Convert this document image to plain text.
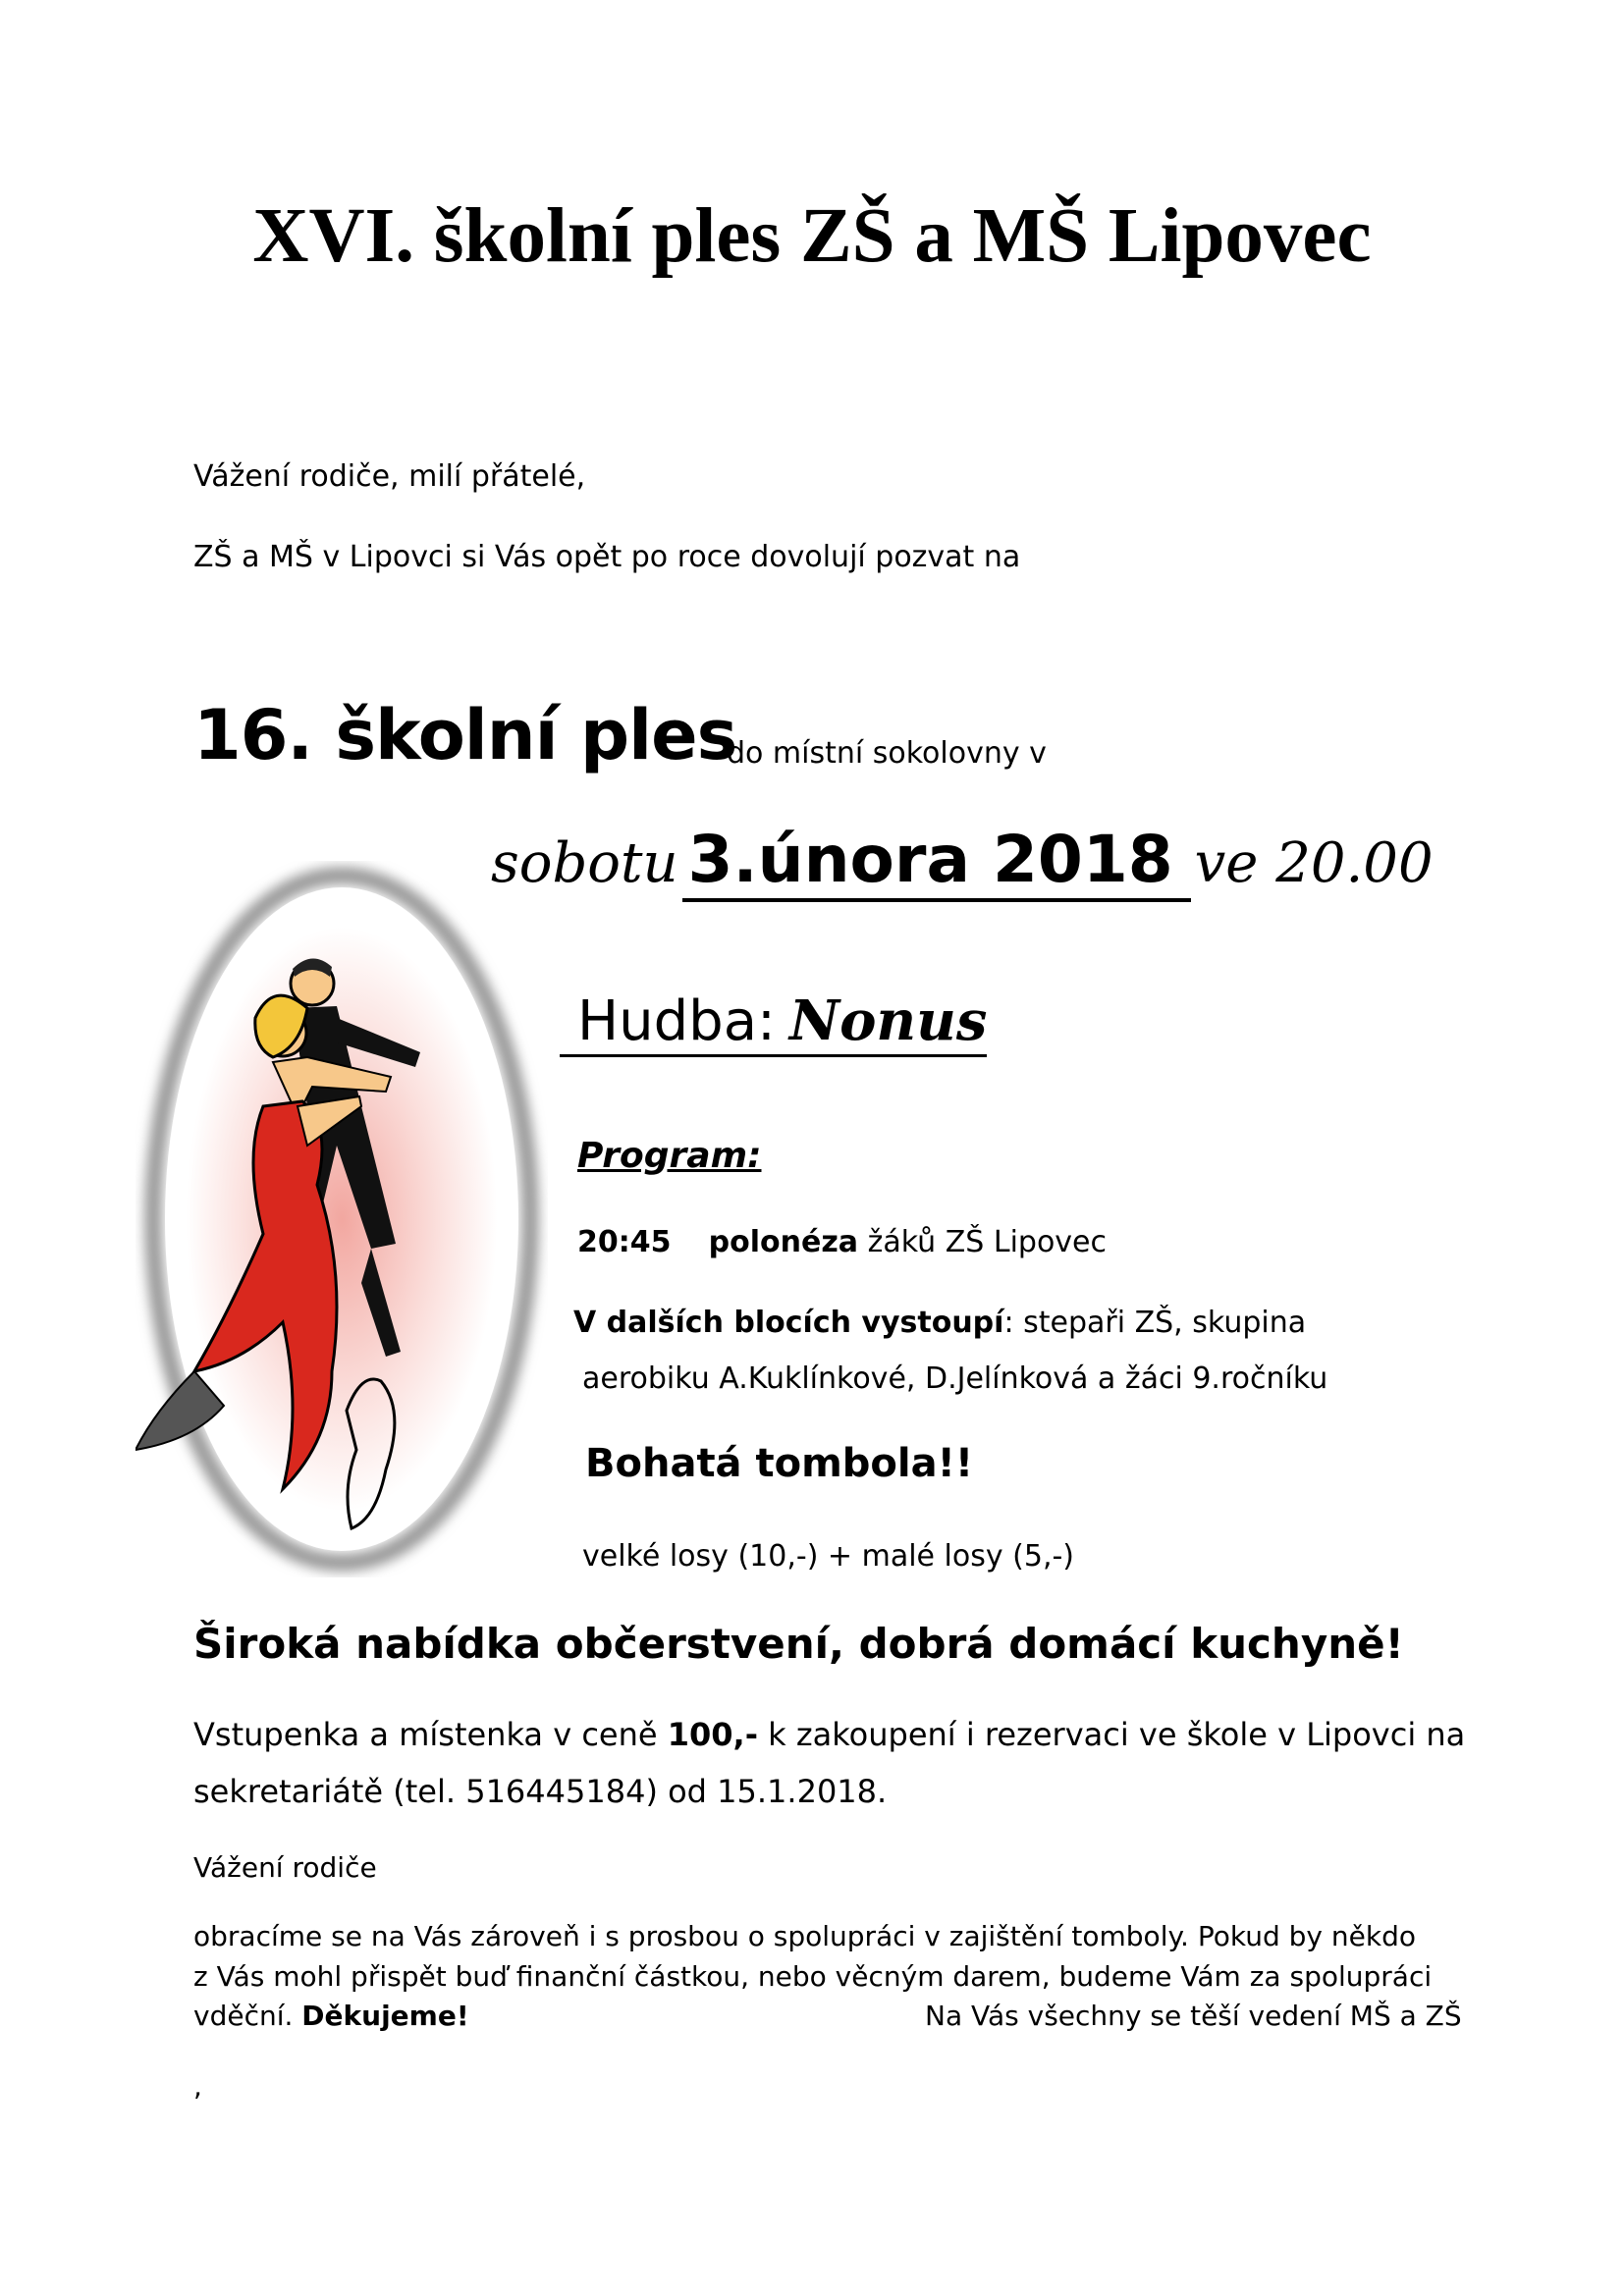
XVI. školní ples ZŠ a MŠ Lipovec
Vážení rodiče, milí přátelé,
ZŠ a MŠ v Lipovci si Vás opět po roce dovolují pozvat na
16. školní ples
do místní sokolovny v
sobotu 3.února 2018 ve 20.00
Hudba: Nonus
Program:
20:45 polonéza žáků ZŠ Lipovec
V dalších blocích vystoupí: stepaři ZŠ, skupina
aerobiku A.Kuklínkové, D.Jelínková a žáci 9.ročníku
Bohatá tombola!!
velké losy (10,-) + malé losy (5,-)
Široká nabídka občerstvení, dobrá domácí kuchyně!
Vstupenka a místenka v ceně 100,- k zakoupení i rezervaci ve škole v Lipovci na
sekretariátě (tel. 516445184) od 15.1.2018.
Vážení rodiče
obracíme se na Vás zároveň i s prosbou o spolupráci v zajištění tomboly. Pokud by někdo
z Vás mohl přispět buď finanční částkou, nebo věcným darem, budeme Vám za spolupráci
vděční. Děkujeme!	Na Vás všechny se těší vedení MŠ a ZŠ
,
